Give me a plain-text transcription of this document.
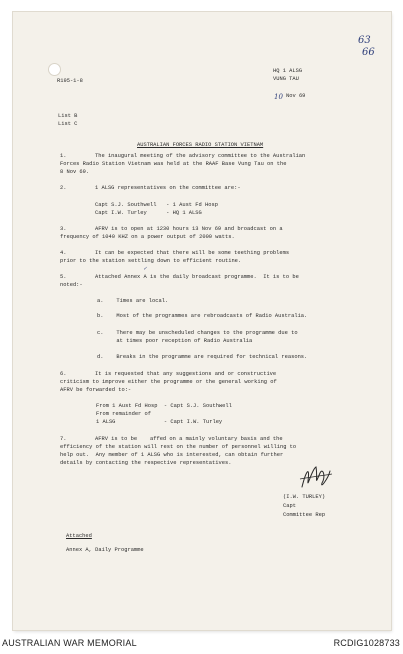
63
66
10
✓
R195-1-8
HQ 1 ALSG
VUNG TAU
Nov 69
List B
List C
AUSTRALIAN FORCES RADIO STATION VIETNAM
1.	The inaugural meeting of the advisory committee to the Australian
Forces Radio Station Vietnam was held at the RAAF Base Vung Tau on the
8 Nov 69.
2.	1 ALSG representatives on the committee are:-
Capt S.J. Southwell   - 1 Aust Fd Hosp
Capt I.W. Turley      - HQ 1 ALSG
3.	AFRV is to open at 1230 hours 13 Nov 69 and broadcast on a
frequency of 1040 KHZ on a power output of 2000 watts.
4.	It can be expected that there will be some teething problems
prior to the station settling down to efficient routine.
5.	Attached Annex A is the daily broadcast programme.  It is to be
noted:-
a.    Times are local.
b.    Most of the programmes are rebroadcasts of Radio Australia.
c.    There may be unscheduled changes to the programme due to
at times poor reception of Radio Australia
d.    Breaks in the programme are required for technical reasons.
6.	It is requested that any suggestions and or constructive
criticism to improve either the programme or the general working of
AFRV be forwarded to:-
From 1 Aust Fd Hosp  - Capt S.J. Southwell
From remainder of
1 ALSG               - Capt I.W. Turley
7.	AFRV is to be    affed on a mainly voluntary basis and the
efficiency of the station will rest on the number of personnel willing to
help out.  Any member of 1 ALSG who is interested, can obtain further
details by contacting the respective representatives.
(I.W. TURLEY)
Capt
Committee Rep
Attached
Annex A, Daily Programme
AUSTRALIAN WAR MEMORIAL	RCDIG1028733
